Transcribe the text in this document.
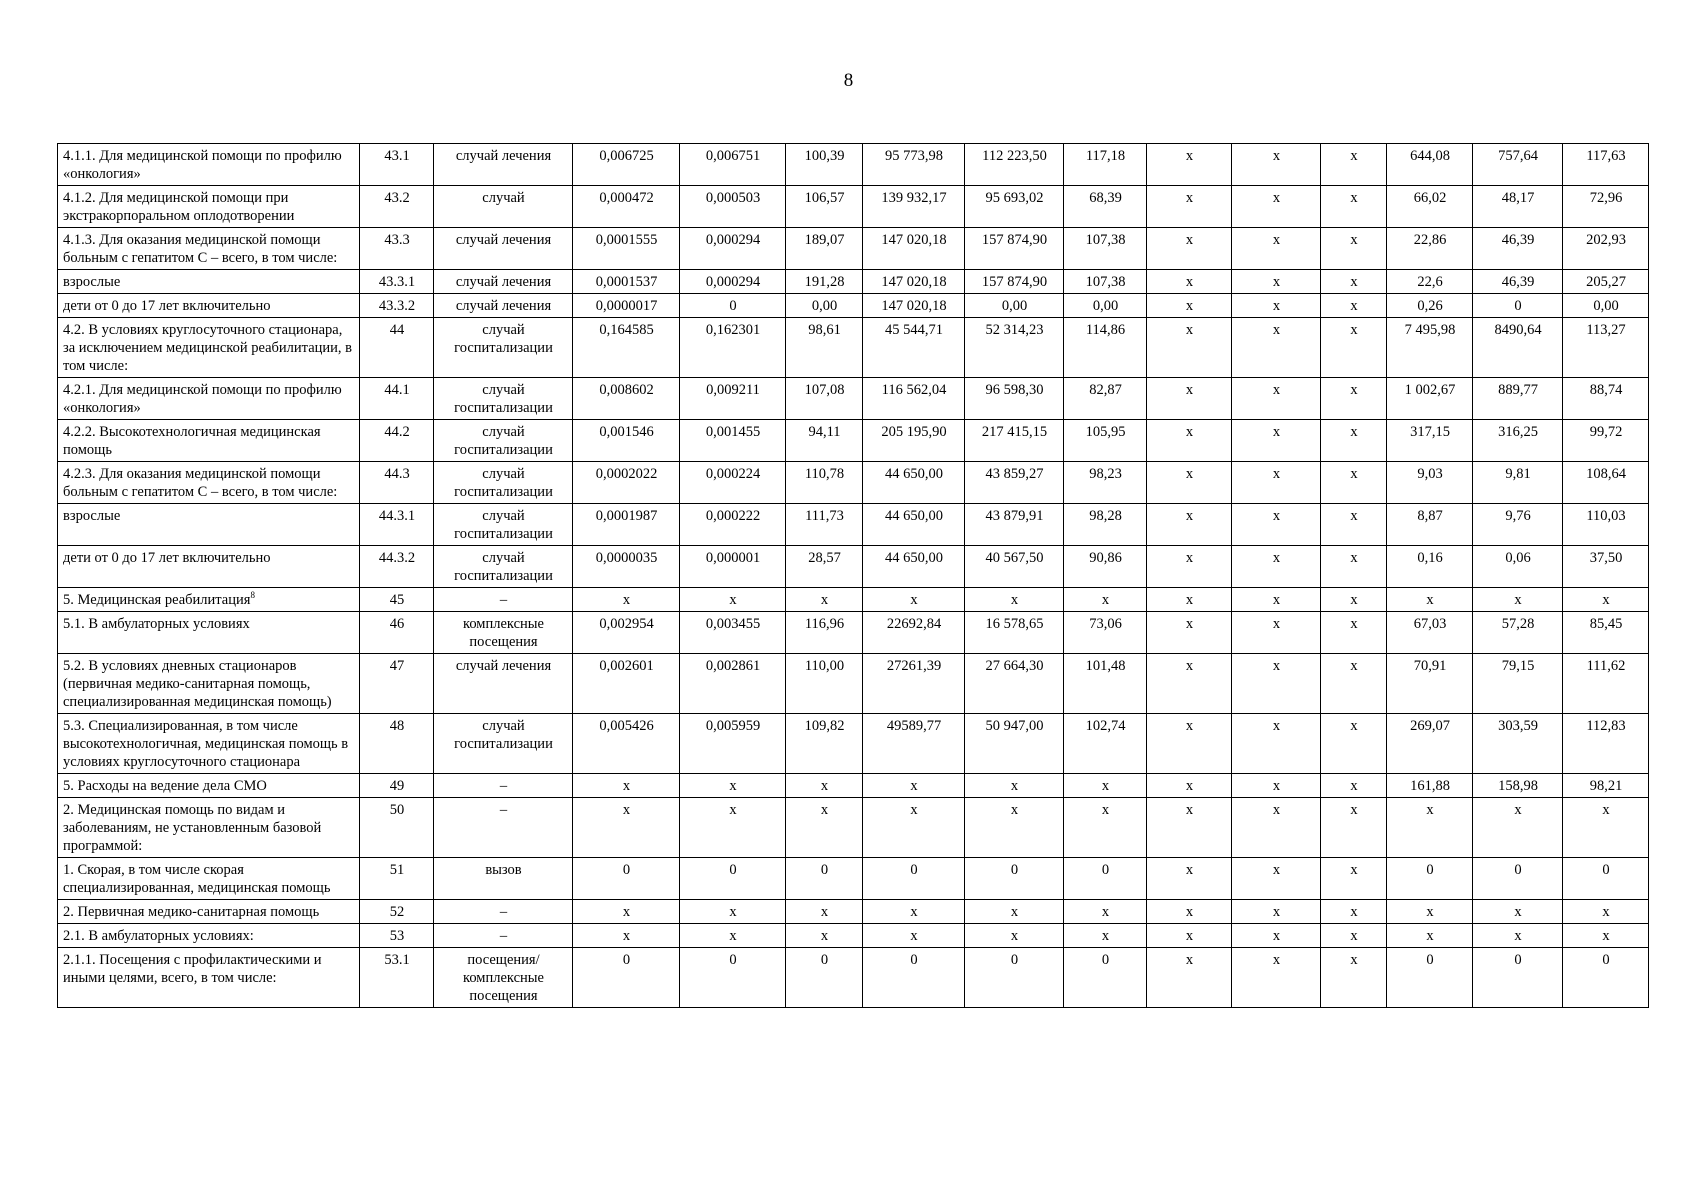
8
4.1.1. Для медицинской помощи по профилю «онкология»	43.1	случай лечения	0,006725	0,006751	100,39	95 773,98	112 223,50	117,18	x	x	x	644,08	757,64	117,63
4.1.2. Для медицинской помощи при экстракорпоральном оплодотворении	43.2	случай	0,000472	0,000503	106,57	139 932,17	95 693,02	68,39	x	x	x	66,02	48,17	72,96
4.1.3. Для оказания медицинской помощи больным с гепатитом С – всего, в том числе:	43.3	случай лечения	0,0001555	0,000294	189,07	147 020,18	157 874,90	107,38	x	x	x	22,86	46,39	202,93
взрослые	43.3.1	случай лечения	0,0001537	0,000294	191,28	147 020,18	157 874,90	107,38	x	x	x	22,6	46,39	205,27
дети от 0 до 17 лет включительно	43.3.2	случай лечения	0,0000017	0	0,00	147 020,18	0,00	0,00	x	x	x	0,26	0	0,00
4.2. В условиях круглосуточного стационара, за исключением медицинской реабилитации, в том числе:	44	случай госпитализации	0,164585	0,162301	98,61	45 544,71	52 314,23	114,86	x	x	x	7 495,98	8490,64	113,27
4.2.1. Для медицинской помощи по профилю «онкология»	44.1	случай госпитализации	0,008602	0,009211	107,08	116 562,04	96 598,30	82,87	x	x	x	1 002,67	889,77	88,74
4.2.2. Высокотехнологичная медицинская помощь	44.2	случай госпитализации	0,001546	0,001455	94,11	205 195,90	217 415,15	105,95	x	x	x	317,15	316,25	99,72
4.2.3. Для оказания медицинской помощи больным с гепатитом С – всего, в том числе:	44.3	случай госпитализации	0,0002022	0,000224	110,78	44 650,00	43 859,27	98,23	x	x	x	9,03	9,81	108,64
взрослые	44.3.1	случай госпитализации	0,0001987	0,000222	111,73	44 650,00	43 879,91	98,28	x	x	x	8,87	9,76	110,03
дети от 0 до 17 лет включительно	44.3.2	случай госпитализации	0,0000035	0,000001	28,57	44 650,00	40 567,50	90,86	x	x	x	0,16	0,06	37,50
5. Медицинская реабилитация$^8$	45	–	x	x	x	x	x	x	x	x	x	x	x	x
5.1. В амбулаторных условиях	46	комплексные посещения	0,002954	0,003455	116,96	22692,84	16 578,65	73,06	x	x	x	67,03	57,28	85,45
5.2. В условиях дневных стационаров (первичная медико-санитарная помощь, специализированная медицинская помощь)	47	случай лечения	0,002601	0,002861	110,00	27261,39	27 664,30	101,48	x	x	x	70,91	79,15	111,62
5.3. Специализированная, в том числе высокотехнологичная, медицинская помощь в условиях круглосуточного стационара	48	случай госпитализации	0,005426	0,005959	109,82	49589,77	50 947,00	102,74	x	x	x	269,07	303,59	112,83
5. Расходы на ведение дела СМО	49	–	x	x	x	x	x	x	x	x	x	161,88	158,98	98,21
2. Медицинская помощь по видам и заболеваниям, не установленным базовой программой:	50	–	x	x	x	x	x	x	x	x	x	x	x	x
1. Скорая, в том числе скорая специализированная, медицинская помощь	51	вызов	0	0	0	0	0	0	x	x	x	0	0	0
2. Первичная медико-санитарная помощь	52	–	x	x	x	x	x	x	x	x	x	x	x	x
2.1. В амбулаторных условиях:	53	–	x	x	x	x	x	x	x	x	x	x	x	x
2.1.1. Посещения с профилактическими и иными целями, всего, в том числе:	53.1	посещения/ комплексные посещения	0	0	0	0	0	0	x	x	x	0	0	0
